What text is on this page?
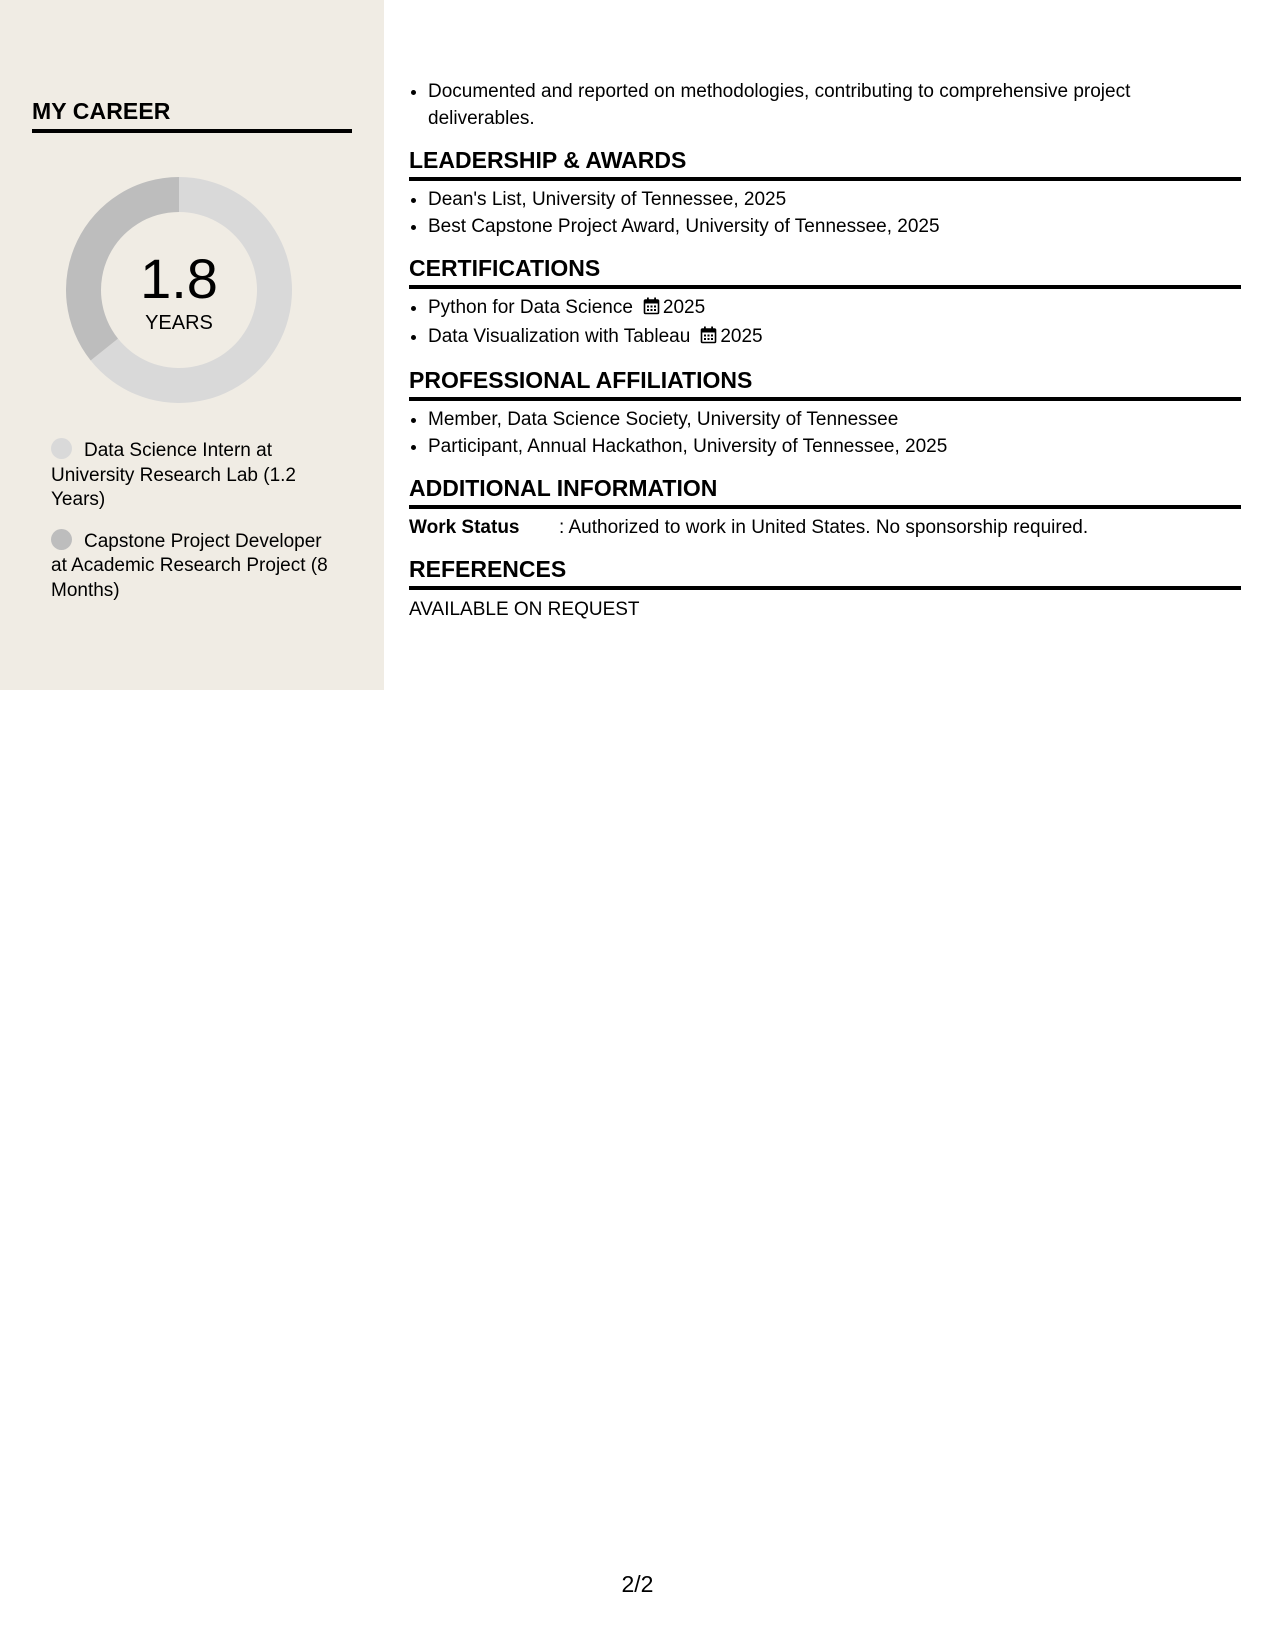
MY CAREER
1.8
YEARS
Data Science Intern at University Research Lab (1.2 Years)
Capstone Project Developer at Academic Research Project (8 Months)
• Documented and reported on methodologies, contributing to comprehensive project deliverables.
LEADERSHIP & AWARDS
• Dean's List, University of Tennessee, 2025
• Best Capstone Project Award, University of Tennessee, 2025
CERTIFICATIONS
• Python for Data Science 2025
• Data Visualization with Tableau 2025
PROFESSIONAL AFFILIATIONS
• Member, Data Science Society, University of Tennessee
• Participant, Annual Hackathon, University of Tennessee, 2025
ADDITIONAL INFORMATION
Work Status : Authorized to work in United States. No sponsorship required.
REFERENCES
AVAILABLE ON REQUEST
2/2
